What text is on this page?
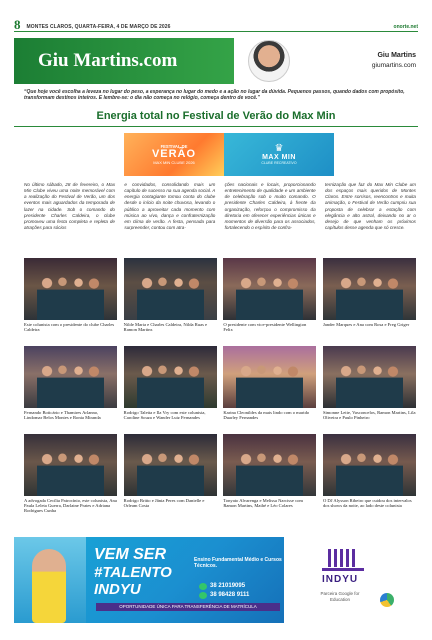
8 MONTES CLAROS, QUARTA-FEIRA, 4 DE MARÇO DE 2026	onorte.net
Giu Martins.com	Giu Martins
giumartins.com

“Que hoje você escolha a leveza no lugar do peso, a esperança no lugar do medo e a ação no lugar da dúvida. Pequenos passos, quando dados com propósito, transformam destinos inteiros. E lembre-se: o dia não começa no relógio, começa dentro de você.”

Energia total no Festival de Verão do Max Min
FESTIVAL DE
VERÃO
MAX MIN CLUBE 2026
♛
MAX MIN
CLUBE RECREATIVO

No último sábado, 28 de fevereiro, o Max Min Clube viveu uma noite memorável com a realização do Festival de Verão, um dos eventos mais aguardados da temporada de lazer na cidade. Sob o comando do presidente Charles Caldeira, o clube promoveu uma festa completa e repleta de atrações para sócios

e convidados, consolidando mais um capítulo de sucesso na sua agenda social. A energia contagiante tomou conta do clube desde o início da noite chuvosa, levando o público a aproveitar cada momento com música ao vivo, dança e confraternização em clima de verão. A festa, pensada para surpreender, contou com atra-

ções nacionais e locais, proporcionando entretenimento de qualidade e um ambiente de celebração sob o muito comando. O presidente Charles Caldeira, à frente da organização, reforçou o compromisso da diretoria em oferecer experiências únicas e momentos de diversão para os associados, fortalecendo o espírito de confra-

ternização que faz do Max Min Clube um dos espaços mais queridos de Montes Claros. Entre sorrisos, reencontros e muita animação, o Festival de Verão cumpriu sua proposta de celebrar a estação com elegância e alto astral, deixando no ar o desejo de que venham os próximos capítulos desse agenda que só cresce.

Este colunista com o presidente do clube Charles Caldeira

Nilde Maria e Charles Caldeira, Nilda Ruas e Ramon Martins

O presidente com vice-presidente Wellington Felix

Jander Marques e Ana com Rosa e Freg Griger

Fernando Boticário e Thamires Arlanno, Lindomar Belos Montes e Ronia Miranda

Rodrigo Taletta e Ila Vry com este colunista, Caroline Souza e Wander Luiz Fernandes

Karina Cleonildes da mais lindo com o marido Duarley Fernandes

Simonne Leite, Vasconcelos, Ramon Martins, Lila Oliveira e Paulo Pinheiro

A advogada Cecília Patrocínio, este colunista, Ana Paula Leleta Guerra, Darlaine Prates e Adriana Rodrigues Cunha

Rodrigo Britto e Jânia Peres com Danielle e Orleam Costa

Tonyato Alvarenga e Melissa Narcisse com Ramon Martins, Mathé e Léo Colares

O DJ Alysson Ribeiro que cuidou dos intervalos dos shows da noite, ao lado deste colunista

VEM SER
#TALENTO
INDYU
Ensino Fundamental Médio e Cursos Técnicos.
38 21019095
38 98428 9111
OPORTUNIDADE ÚNICA PARA TRANSFERÊNCIA DE MATRÍCULA
INDYU
Parceira Google for Education
